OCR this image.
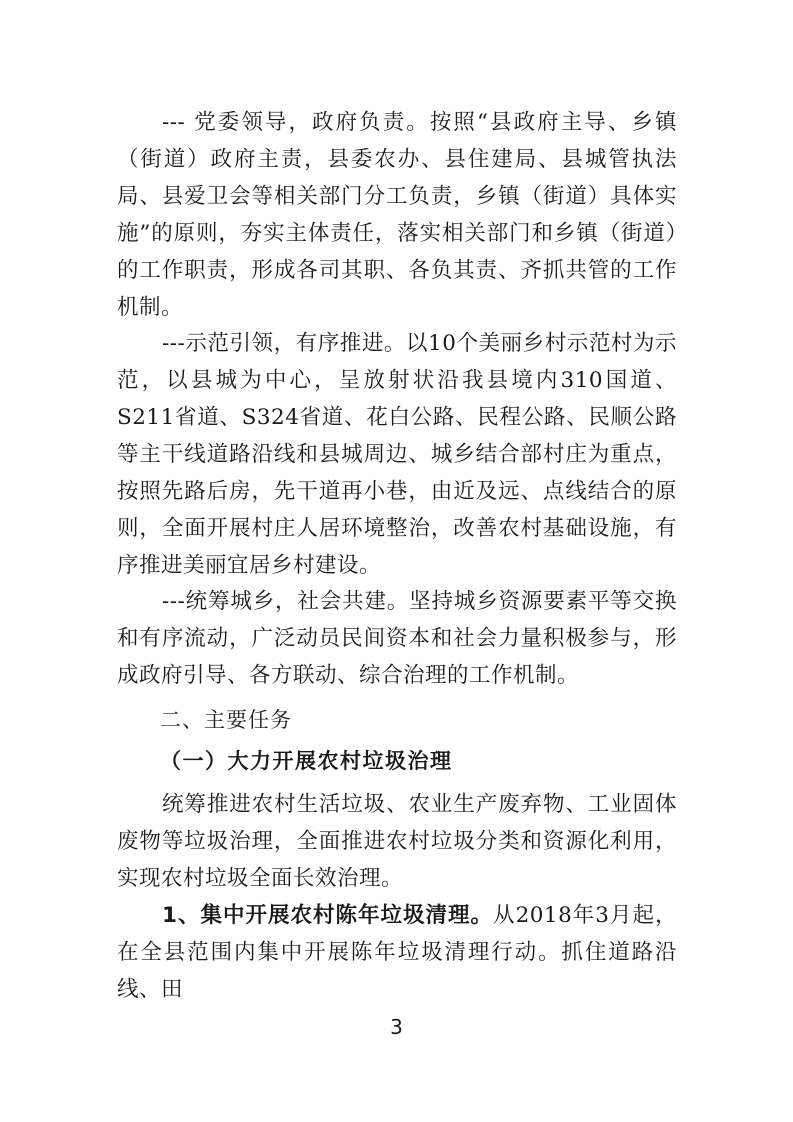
--- 党委领导，政府负责。按照“县政府主导、乡镇（街道）政府主责，县委农办、县住建局、县城管执法局、县爱卫会等相关部门分工负责，乡镇（街道）具体实施”的原则，夯实主体责任，落实相关部门和乡镇（街道）的工作职责，形成各司其职、各负其责、齐抓共管的工作机制。

---示范引领，有序推进。以10个美丽乡村示范村为示范，以县城为中心，呈放射状沿我县境内310国道、S211省道、S324省道、花白公路、民程公路、民顺公路等主干线道路沿线和县城周边、城乡结合部村庄为重点，按照先路后房，先干道再小巷，由近及远、点线结合的原则，全面开展村庄人居环境整治，改善农村基础设施，有序推进美丽宜居乡村建设。

---统筹城乡，社会共建。坚持城乡资源要素平等交换和有序流动，广泛动员民间资本和社会力量积极参与，形成政府引导、各方联动、综合治理的工作机制。

二、主要任务
（一）大力开展农村垃圾治理

统筹推进农村生活垃圾、农业生产废弃物、工业固体废物等垃圾治理，全面推进农村垃圾分类和资源化利用，实现农村垃圾全面长效治理。

1、集中开展农村陈年垃圾清理。从2018年3月起，在全县范围内集中开展陈年垃圾清理行动。抓住道路沿线、田

3
